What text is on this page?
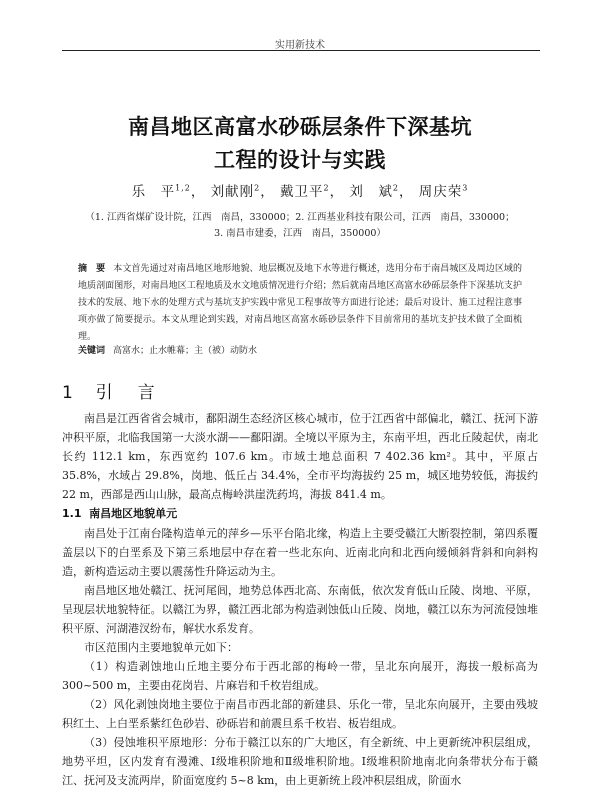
实用新技术
南昌地区高富水砂砾层条件下深基坑
工程的设计与实践
乐　平$^{1,2}$， 刘献刚$^2$， 戴卫平$^2$， 刘　斌$^2$， 周庆荣$^3$
（1. 江西省煤矿设计院，江西　南昌，330000；2. 江西基业科技有限公司，江西　南昌，330000；
3. 南昌市建委，江西　南昌，350000）
摘　要 本文首先通过对南昌地区地形地貌、地层概况及地下水等进行概述，选用分布于南昌城区及周边区域的地质剖面图形，对南昌地区工程地质及水文地质情况进行介绍；然后就南昌地区高富水砂砾层条件下深基坑支护技术的发展、地下水的处理方式与基坑支护实践中常见工程事故等方面进行论述；最后对设计、施工过程注意事项亦做了简要提示。本文从理论到实践，对南昌地区高富水砾砂层条件下目前常用的基坑支护技术做了全面梳理。
关键词 高富水；止水帷幕；主（被）动防水
1 引　言

南昌是江西省省会城市，鄱阳湖生态经济区核心城市，位于江西省中部偏北，赣江、抚河下游冲积平原，北临我国第一大淡水湖——鄱阳湖。全境以平原为主，东南平坦，西北丘陵起伏，南北长约 112.1 km，东西宽约 107.6 km。市域土地总面积 7 402.36 km²。其中，平原占 35.8%，水域占 29.8%，岗地、低丘占 34.4%，全市平均海拔约 25 m，城区地势较低，海拔约 22 m，西部是西山山脉，最高点梅岭洪崖洗药坞，海拔 841.4 m。

1.1 南昌地区地貌单元

南昌处于江南台隆构造单元的萍乡—乐平台陷北缘，构造上主要受赣江大断裂控制，第四系覆盖层以下的白垩系及下第三系地层中存在着一些北东向、近南北向和北西向缓倾斜背斜和向斜构造，新构造运动主要以震荡性升降运动为主。

南昌地区地处赣江、抚河尾闾，地势总体西北高、东南低，依次发育低山丘陵、岗地、平原，呈现层状地貌特征。以赣江为界，赣江西北部为构造剥蚀低山丘陵、岗地，赣江以东为河流侵蚀堆积平原、河湖港汊纷布，解状水系发育。

市区范围内主要地貌单元如下：

（1）构造剥蚀地山丘地主要分布于西北部的梅岭一带，呈北东向展开，海拔一般标高为 300~500 m，主要由花岗岩、片麻岩和千枚岩组成。

（2）风化剥蚀岗地主要位于南昌市西北部的新建县、乐化一带，呈北东向展开，主要由残坡积红土、上白垩系紫红色砂岩、砂砾岩和前震旦系千枚岩、板岩组成。

（3）侵蚀堆积平原地形：分布于赣江以东的广大地区，有全新统、中上更新统冲积层组成，地势平坦，区内发育有漫滩、Ⅰ级堆积阶地和Ⅱ级堆积阶地。Ⅰ级堆积阶地南北向条带状分布于赣江、抚河及支流两岸，阶面宽度约 5~8 km，由上更新统上段冲积层组成，阶面水
